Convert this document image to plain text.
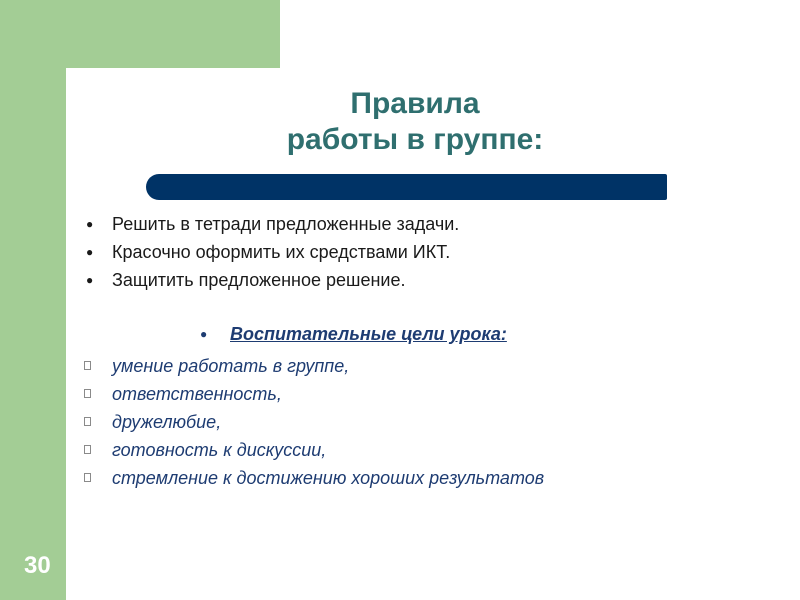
Правила
работы в группе:
● Решить в тетради предложенные задачи.
● Красочно оформить их средствами ИКТ.
● Защитить предложенное решение.
● Воспитательные цели урока:
умение работать в группе,
ответственность,
дружелюбие,
готовность к дискуссии,
стремление к достижению хороших результатов
30
